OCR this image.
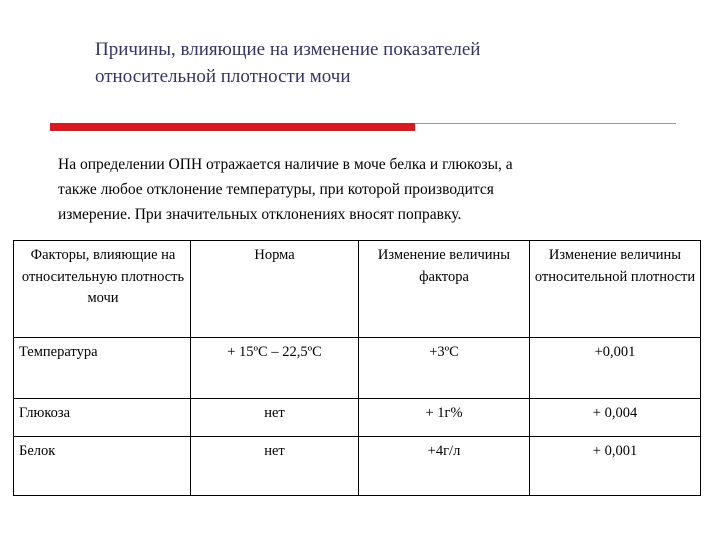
Причины, влияющие на изменение показателей
относительной плотности мочи
На определении ОПН отражается наличие в моче белка и глюкозы, а
также любое отклонение температуры, при которой производится
измерение. При значительных отклонениях вносят поправку.
Факторы, влияющие на относительную плотность мочи	Норма	Изменение величины фактора	Изменение величины относительной плотности
Температура	+ 15ºС – 22,5ºС	+3ºС	+0,001
Глюкоза	нет	+ 1г%	+ 0,004
Белок	нет	+4г/л	+ 0,001
